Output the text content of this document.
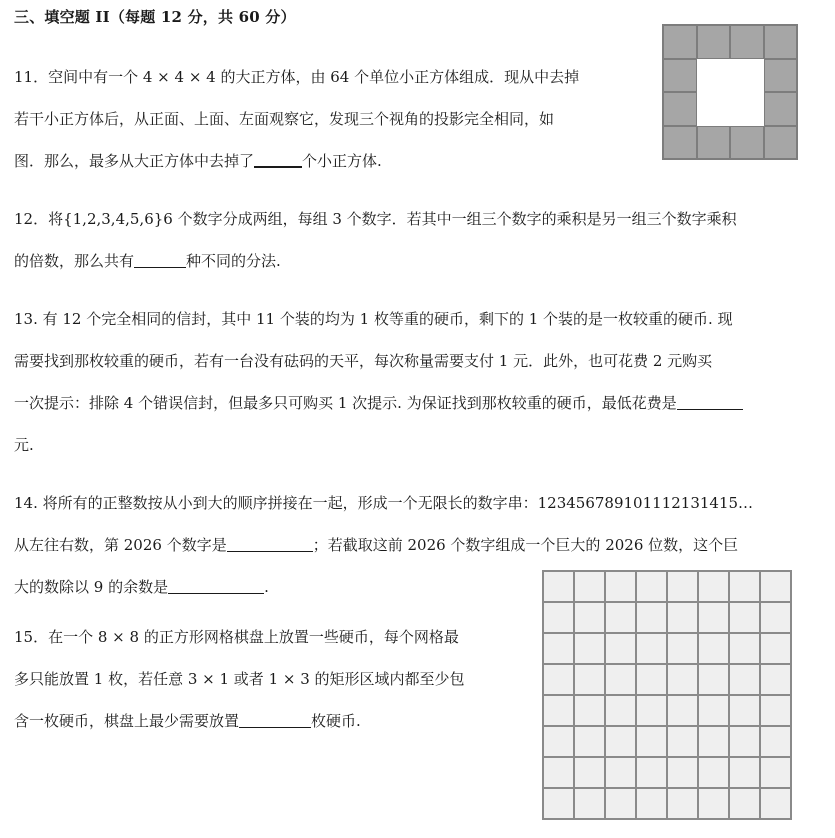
三、填空题 II（每题 12 分，共 60 分）
11．空间中有一个 4 × 4 × 4 的大正方体，由 64 个单位小正方体组成．现从中去掉
若干小正方体后，从正面、上面、左面观察它，发现三个视角的投影完全相同，如
图．那么，最多从大正方体中去掉了	个小正方体.
12．将{1,2,3,4,5,6}6 个数字分成两组，每组 3 个数字．若其中一组三个数字的乘积是另一组三个数字乘积
的倍数，那么共有	种不同的分法.
13. 有 12 个完全相同的信封，其中 11 个装的均为 1 枚等重的硬币，剩下的 1 个装的是一枚较重的硬币. 现
需要找到那枚较重的硬币，若有一台没有砝码的天平，每次称量需要支付 1 元．此外，也可花费 2 元购买
一次提示：排除 4 个错误信封，但最多只可购买 1 次提示. 为保证找到那枚较重的硬币，最低花费是
元.
14. 将所有的正整数按从小到大的顺序拼接在一起，形成一个无限长的数字串：123456789101112131415…
从左往右数，第 2026 个数字是	；若截取这前 2026 个数字组成一个巨大的 2026 位数，这个巨
大的数除以 9 的余数是	.
15．在一个 8 × 8 的正方形网格棋盘上放置一些硬币，每个网格最
多只能放置 1 枚，若任意 3 × 1 或者 1 × 3 的矩形区域内都至少包
含一枚硬币，棋盘上最少需要放置	枚硬币.
